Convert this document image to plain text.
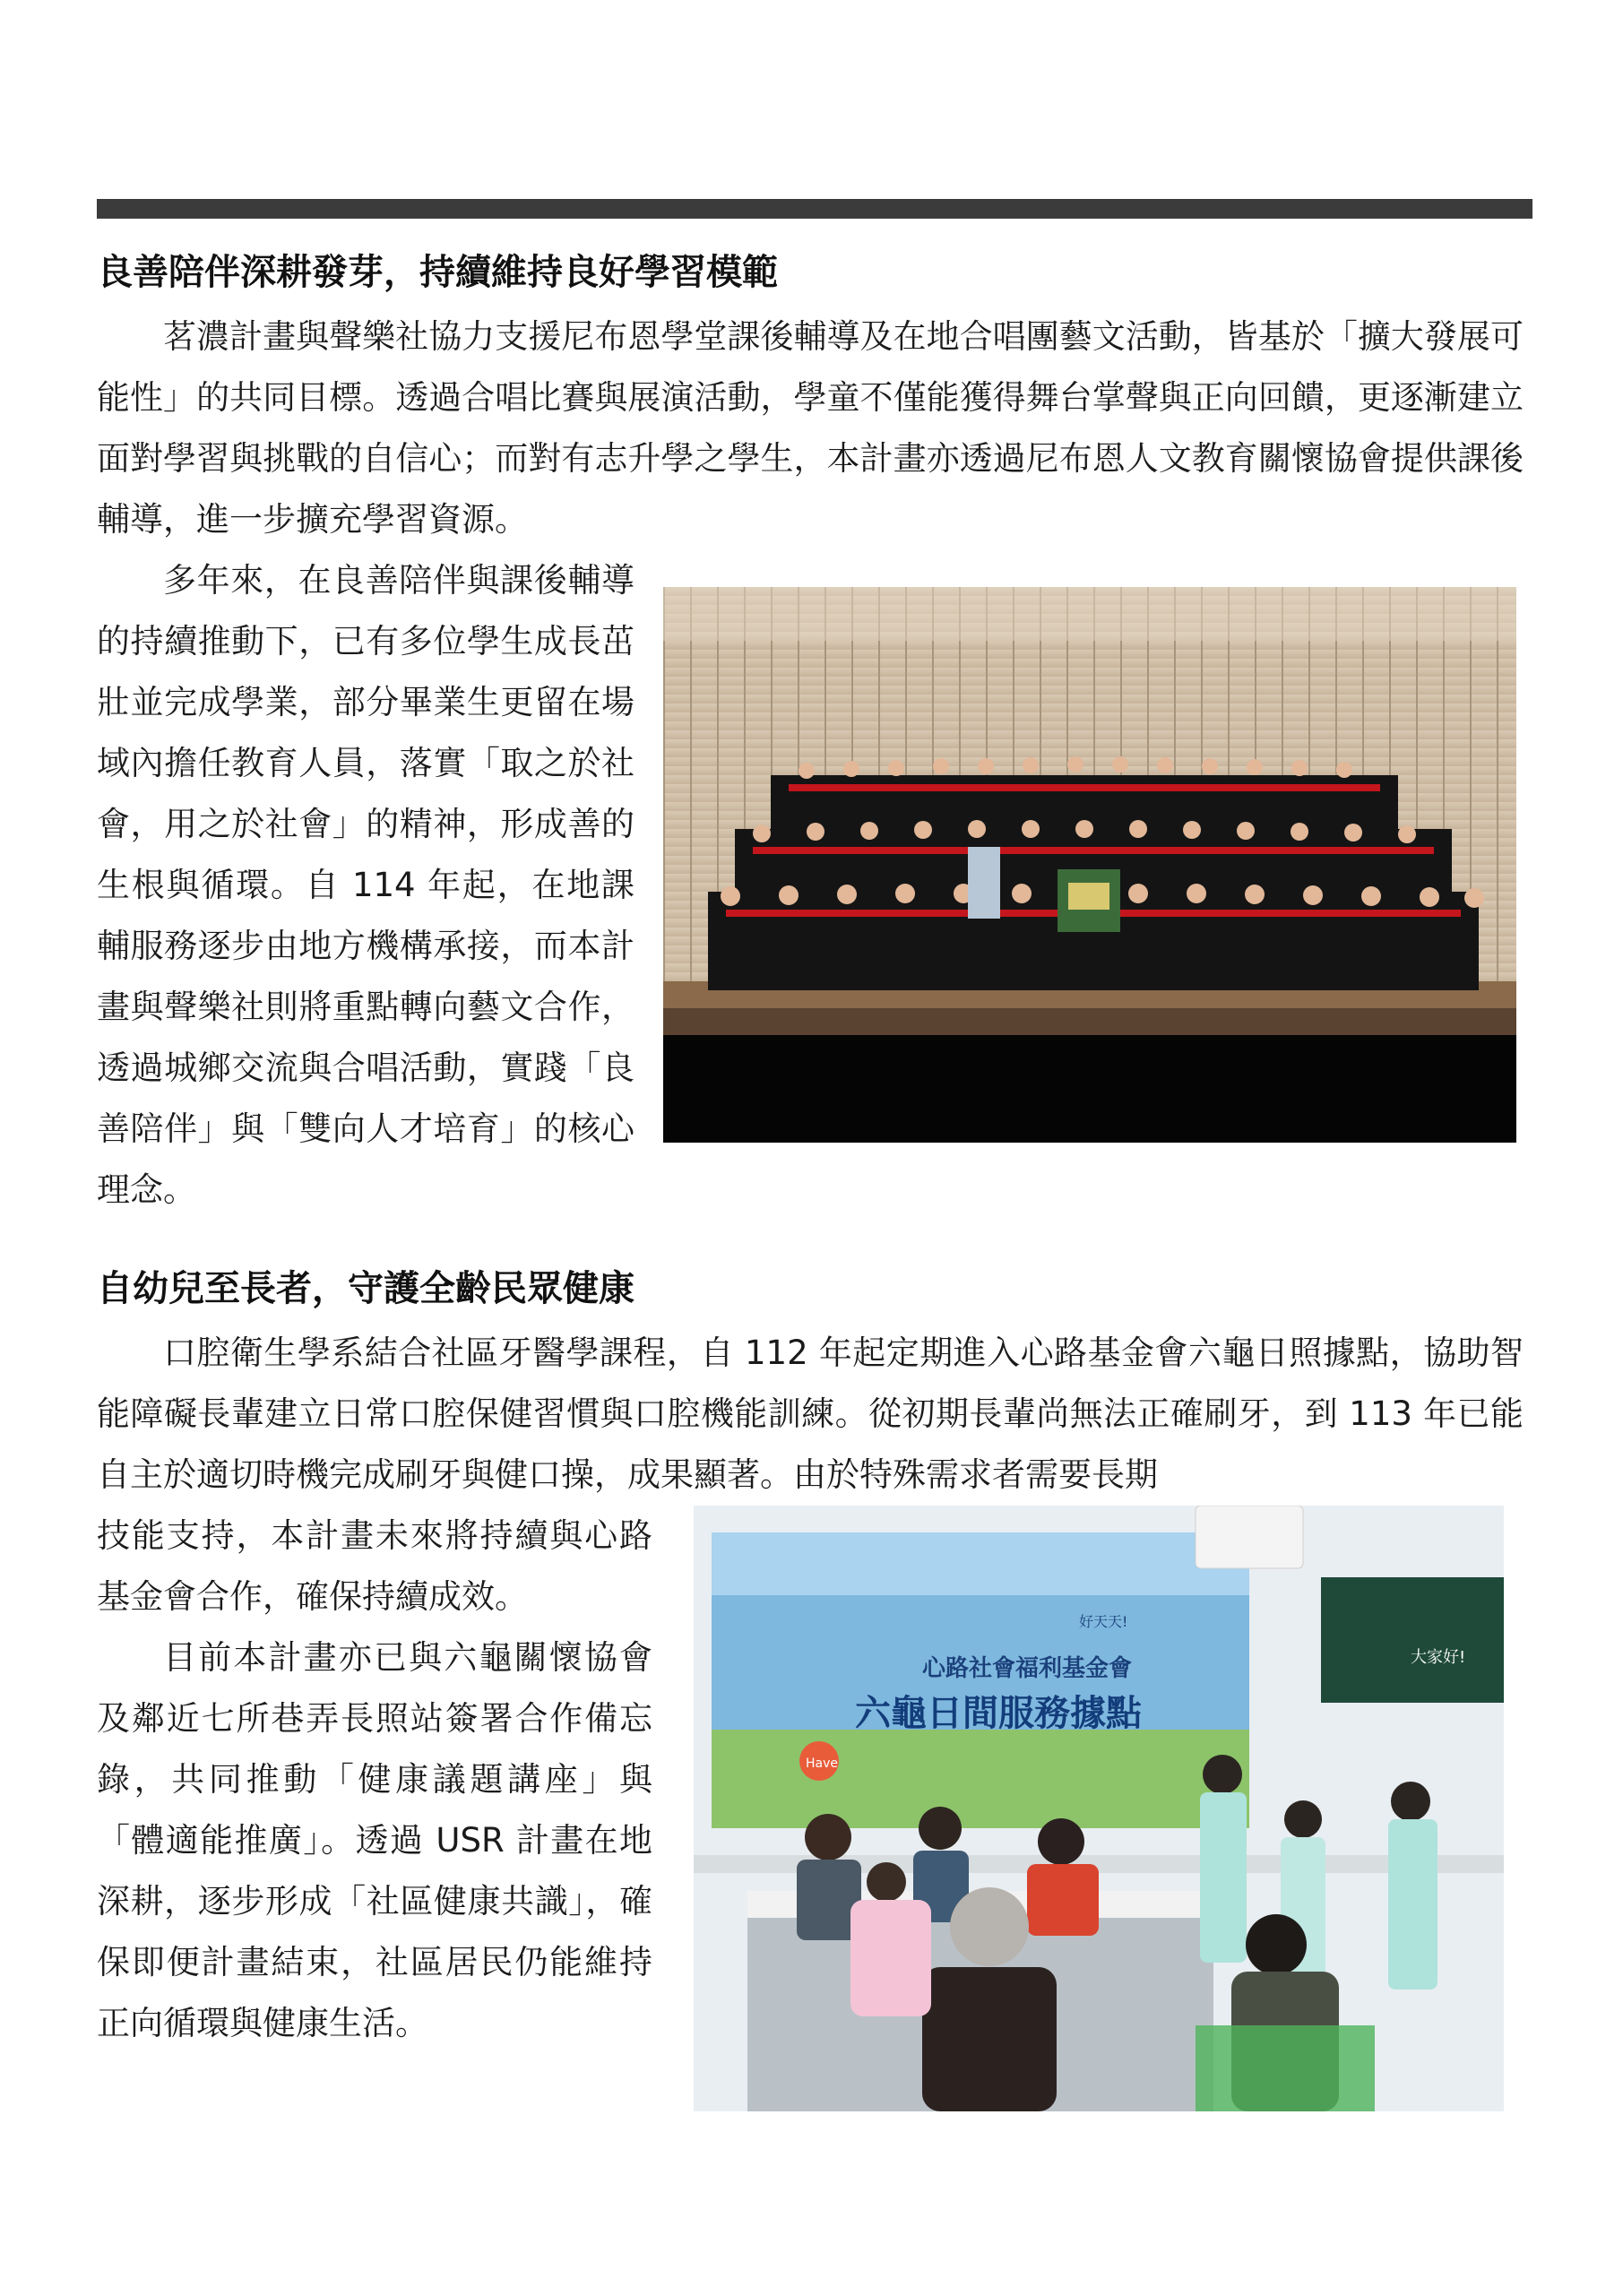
良善陪伴深耕發芽，持續維持良好學習模範

茗濃計畫與聲樂社協力支援尼布恩學堂課後輔導及在地合唱團藝文活動，皆基於「擴大發展可能性」的共同目標。透過合唱比賽與展演活動，學童不僅能獲得舞台掌聲與正向回饋，更逐漸建立面對學習與挑戰的自信心；而對有志升學之學生，本計畫亦透過尼布恩人文教育關懷協會提供課後輔導，進一步擴充學習資源。

多年來，在良善陪伴與課後輔導的持續推動下，已有多位學生成長茁壯並完成學業，部分畢業生更留在場域內擔任教育人員，落實「取之於社會，用之於社會」的精神，形成善的生根與循環。自 114 年起，在地課輔服務逐步由地方機構承接，而本計畫與聲樂社則將重點轉向藝文合作，透過城鄉交流與合唱活動，實踐「良善陪伴」與「雙向人才培育」的核心理念。

自幼兒至長者，守護全齡民眾健康

口腔衛生學系結合社區牙醫學課程，自 112 年起定期進入心路基金會六龜日照據點，協助智能障礙長輩建立日常口腔保健習慣與口腔機能訓練。從初期長輩尚無法正確刷牙，到 113 年已能自主於適切時機完成刷牙與健口操，成果顯著。由於特殊需求者需要長期

技能支持，本計畫未來將持續與心路基金會合作，確保持續成效。

目前本計畫亦已與六龜關懷協會及鄰近七所巷弄長照站簽署合作備忘錄，共同推動「健康議題講座」與「體適能推廣」。透過 USR 計畫在地深耕，逐步形成「社區健康共識」，確保即便計畫結束，社區居民仍能維持正向循環與健康生活。

大家好!
心路社會福利基金會
六龜日間服務據點
好天天!
Have
